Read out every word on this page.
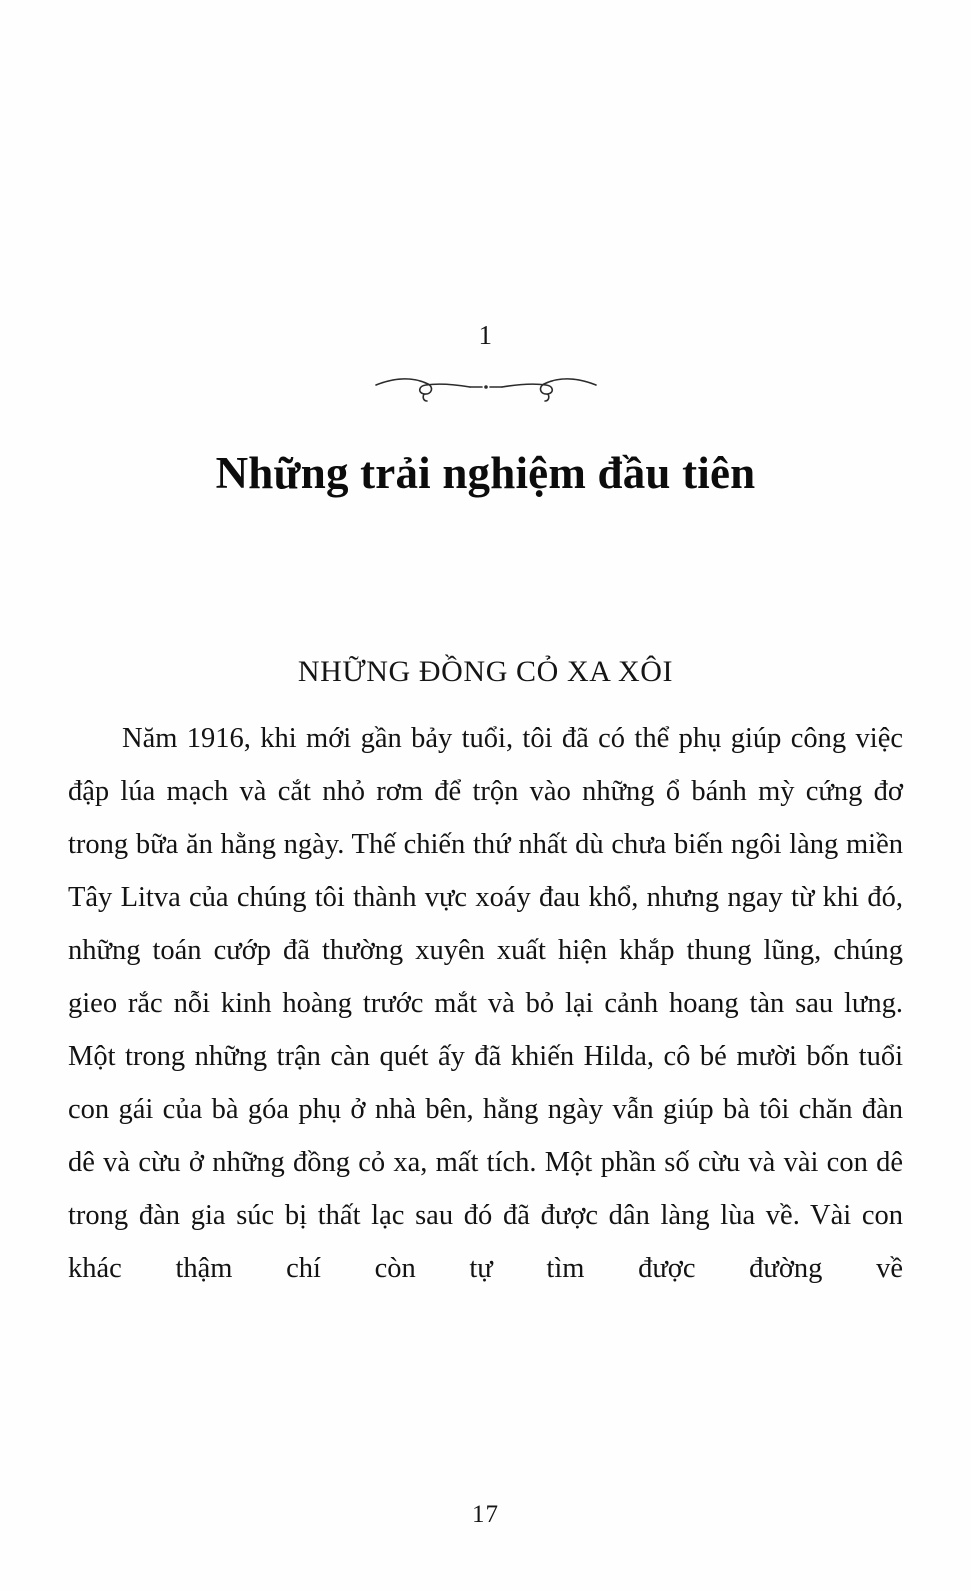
1
Những trải nghiệm đầu tiên
NHỮNG ĐỒNG CỎ XA XÔI

Năm 1916, khi mới gần bảy tuổi, tôi đã có thể phụ giúp công việc đập lúa mạch và cắt nhỏ rơm để trộn vào những ổ bánh mỳ cứng đơ trong bữa ăn hằng ngày. Thế chiến thứ nhất dù chưa biến ngôi làng miền Tây Litva của chúng tôi thành vực xoáy đau khổ, nhưng ngay từ khi đó, những toán cướp đã thường xuyên xuất hiện khắp thung lũng, chúng gieo rắc nỗi kinh hoàng trước mắt và bỏ lại cảnh hoang tàn sau lưng. Một trong những trận càn quét ấy đã khiến Hilda, cô bé mười bốn tuổi con gái của bà góa phụ ở nhà bên, hằng ngày vẫn giúp bà tôi chăn đàn dê và cừu ở những đồng cỏ xa, mất tích. Một phần số cừu và vài con dê trong đàn gia súc bị thất lạc sau đó đã được dân làng lùa về. Vài con khác thậm chí còn tự tìm được đường về

17
